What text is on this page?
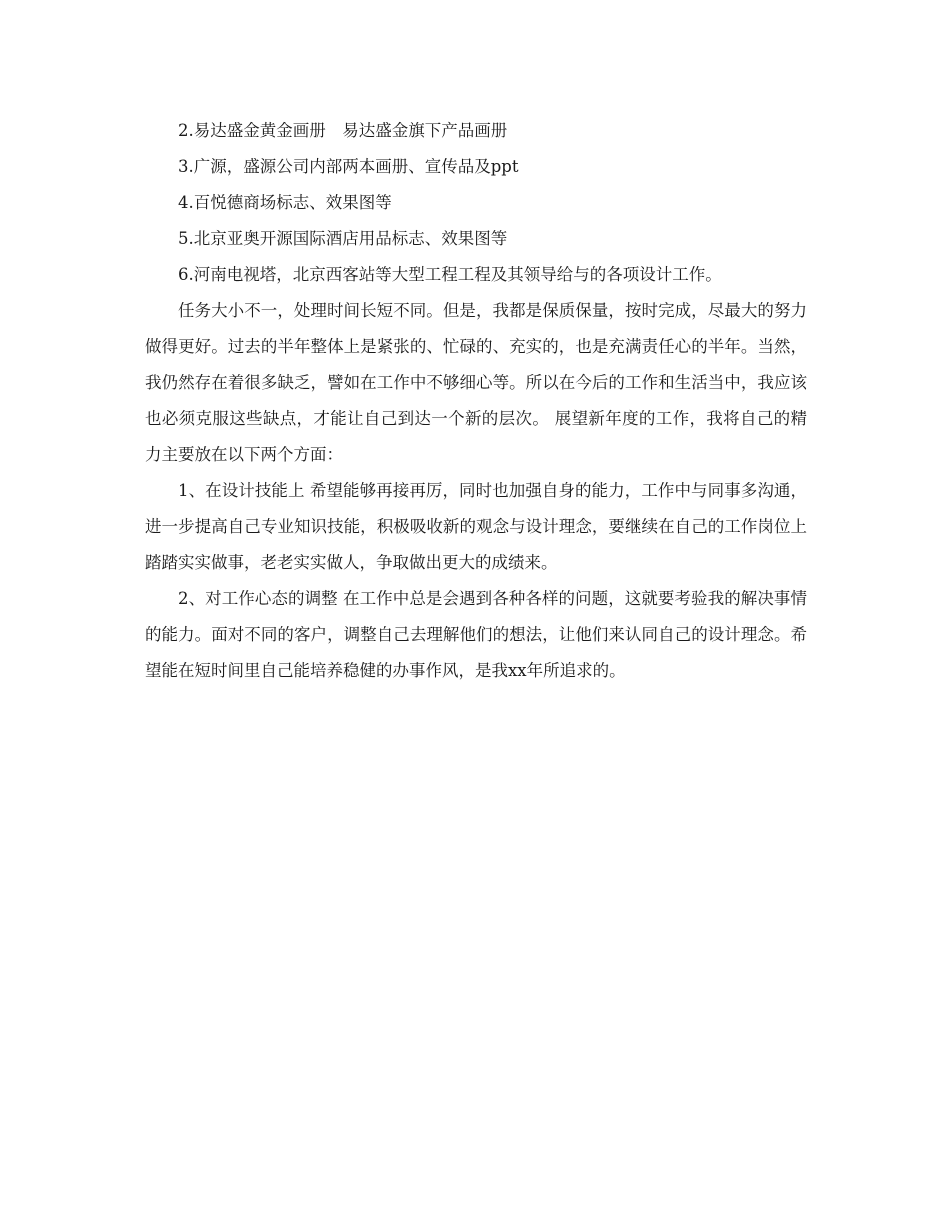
2.易达盛金黄金画册　易达盛金旗下产品画册

3.广源，盛源公司内部两本画册、宣传品及ppt

4.百悦德商场标志、效果图等

5.北京亚奥开源国际酒店用品标志、效果图等

6.河南电视塔，北京西客站等大型工程工程及其领导给与的各项设计工作。

任务大小不一，处理时间长短不同。但是，我都是保质保量，按时完成，尽最大的努力做得更好。过去的半年整体上是紧张的、忙碌的、充实的，也是充满责任心的半年。当然，我仍然存在着很多缺乏，譬如在工作中不够细心等。所以在今后的工作和生活当中，我应该也必须克服这些缺点，才能让自己到达一个新的层次。 展望新年度的工作，我将自己的精力主要放在以下两个方面：

1、在设计技能上 希望能够再接再厉，同时也加强自身的能力，工作中与同事多沟通，进一步提高自己专业知识技能，积极吸收新的观念与设计理念，要继续在自己的工作岗位上踏踏实实做事，老老实实做人，争取做出更大的成绩来。

2、对工作心态的调整 在工作中总是会遇到各种各样的问题，这就要考验我的解决事情的能力。面对不同的客户，调整自己去理解他们的想法，让他们来认同自己的设计理念。希望能在短时间里自己能培养稳健的办事作风，是我xx年所追求的。
